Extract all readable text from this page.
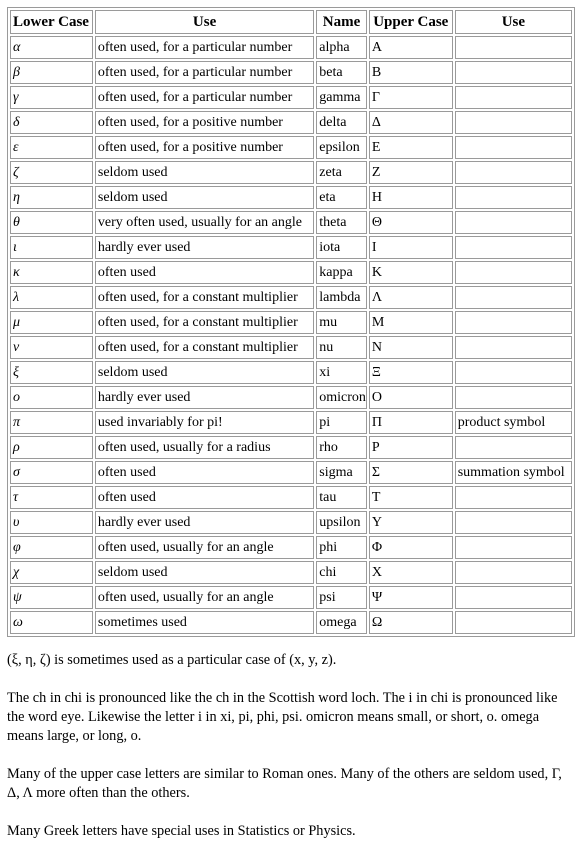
Lower Case	Use	Name	Upper Case	Use
α	often used, for a particular number	alpha	Α	
β	often used, for a particular number	beta	Β	
γ	often used, for a particular number	gamma	Γ	
δ	often used, for a positive number	delta	Δ	
ε	often used, for a positive number	epsilon	Ε	
ζ	seldom used	zeta	Ζ	
η	seldom used	eta	Η	
θ	very often used, usually for an angle	theta	Θ	
ι	hardly ever used	iota	Ι	
κ	often used	kappa	Κ	
λ	often used, for a constant multiplier	lambda	Λ	
μ	often used, for a constant multiplier	mu	Μ	
ν	often used, for a constant multiplier	nu	Ν	
ξ	seldom used	xi	Ξ	
ο	hardly ever used	omicron	Ο	
π	used invariably for pi!	pi	Π	product symbol
ρ	often used, usually for a radius	rho	Ρ	
σ	often used	sigma	Σ	summation symbol
τ	often used	tau	Τ	
υ	hardly ever used	upsilon	Υ	
φ	often used, usually for an angle	phi	Φ	
χ	seldom used	chi	Χ	
ψ	often used, usually for an angle	psi	Ψ	
ω	sometimes used	omega	Ω	

(ξ, η, ζ) is sometimes used as a particular case of (x, y, z).

The ch in chi is pronounced like the ch in the Scottish word loch. The i in chi is pronounced like the word eye. Likewise the letter i in xi, pi, phi, psi. omicron means small, or short, o. omega means large, or long, o.

Many of the upper case letters are similar to Roman ones. Many of the others are seldom used, Γ, Δ, Λ more often than the others.

Many Greek letters have special uses in Statistics or Physics.
